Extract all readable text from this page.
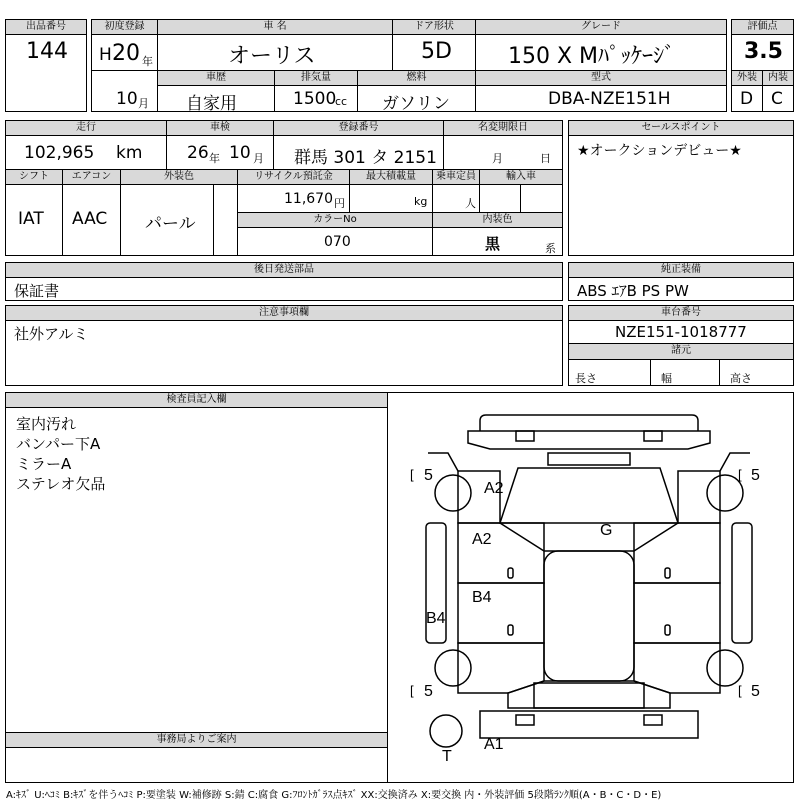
出品番号
144
初度登録
H 20 年
車 名
オーリス
ドア形状
5D
グレード
150 X Mﾊﾟｯｹｰｼﾞ
評価点
3.5
10 月
車歴
自家用
排気量
1500
cc
燃料
ガソリン
型式
DBA-NZE151H
外装	内装
D C
走行
102,965 km
車検
26 年 10 月
登録番号
群馬 301 タ 2151
名変期限日
月	日
セールスポイント
★オークションデビュー★
シフト
IAT
エアコン
AAC
外装色
パール
リサイクル預託金
11,670 円
最大積載量
kg
乗車定員
人
輸入車
カラーNo
070
内装色
黒	系
後日発送部品
保証書
純正装備
ABS ｴｱB PS PW
注意事項欄
社外アルミ
車台番号
NZE151-1018777
諸元
長さ	幅	高さ
検査員記入欄
室内汚れ
バンパー下A
ミラーA
ステレオ欠品
事務局よりご案内
[	[
[	[
5	5
5	5
A2
A2
G
B4
B4
T
A1
A:ｷｽﾞ U:ﾍｺﾐ B:ｷｽﾞを伴うﾍｺﾐ P:要塗装 W:補修跡 S:錆 C:腐食 G:ﾌﾛﾝﾄｶﾞﾗｽ点ｷｽﾞ XX:交換済み X:要交換 内・外装評価 5段階ﾗﾝｸ順(A・B・C・D・E)
